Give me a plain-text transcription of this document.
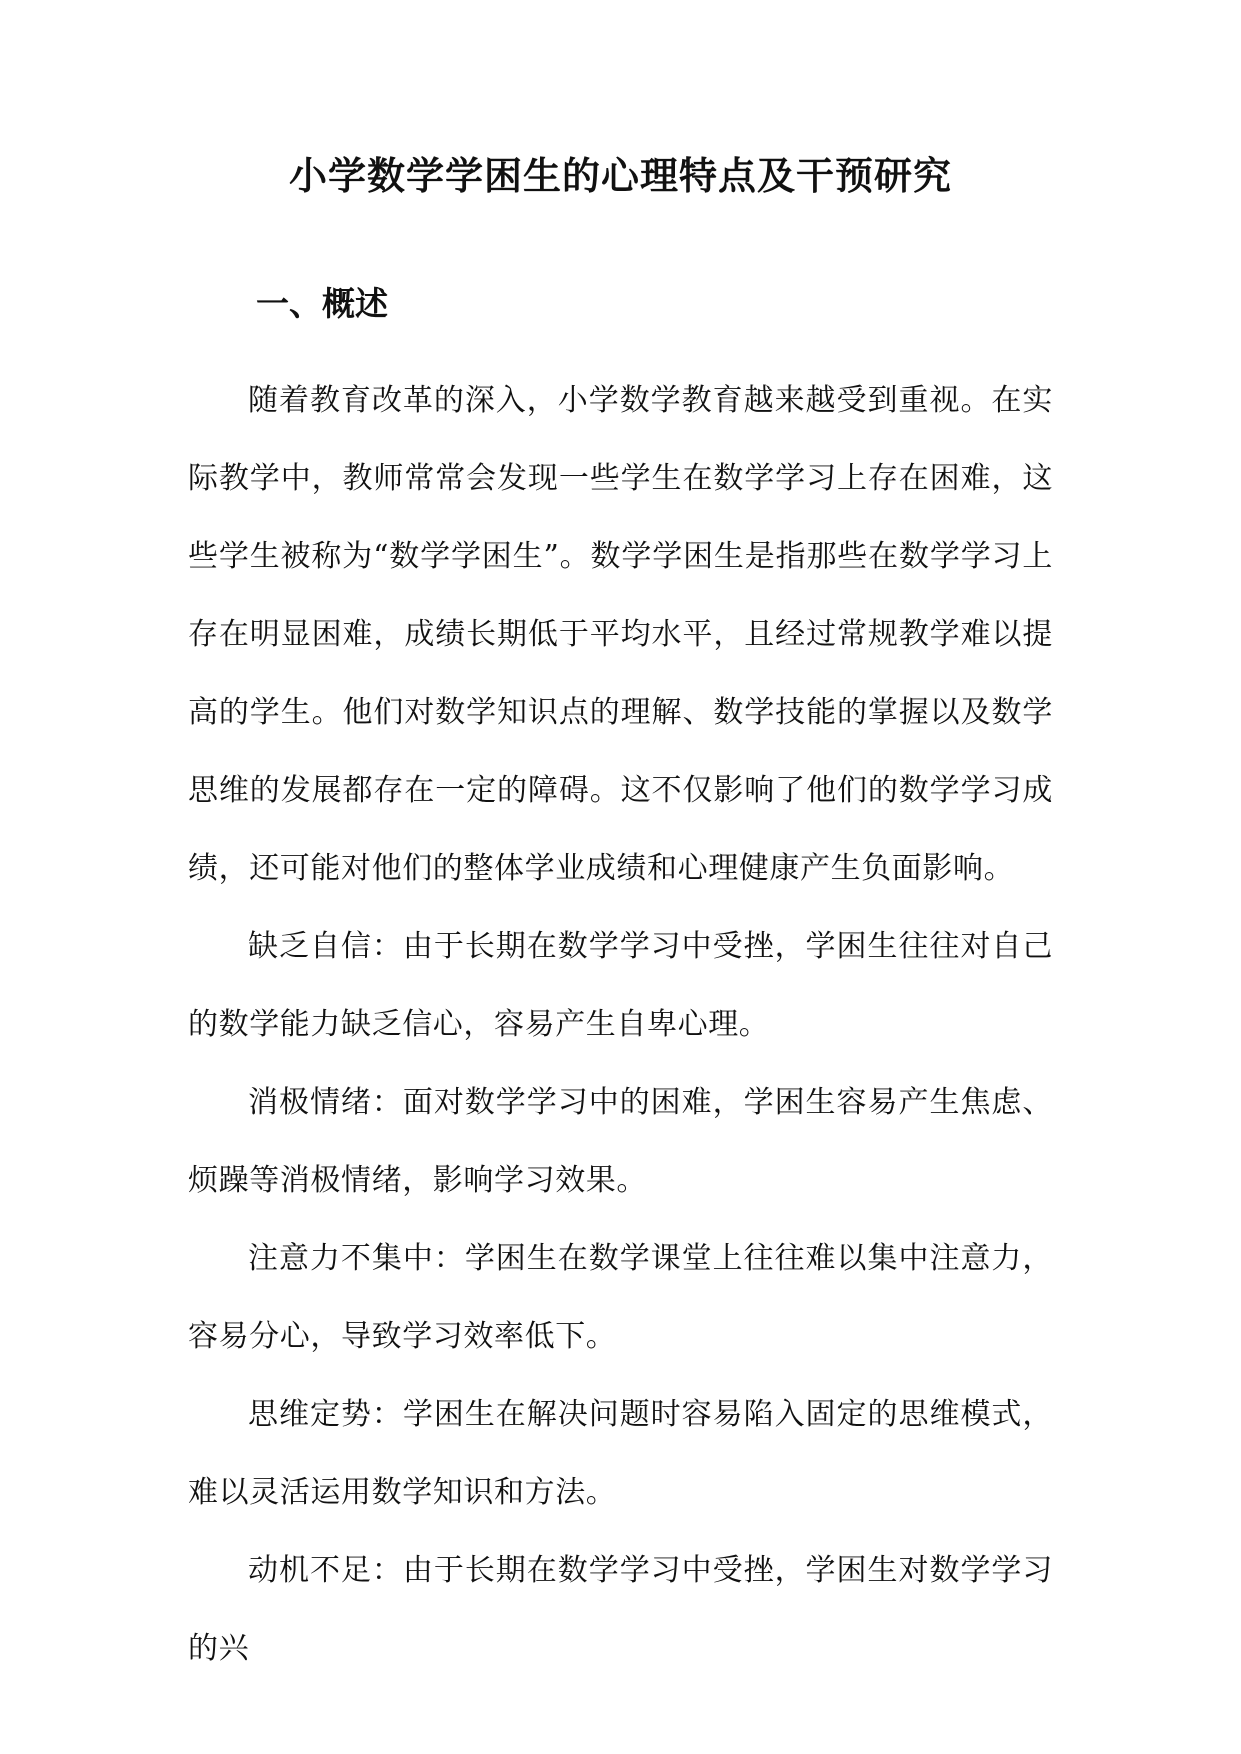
小学数学学困生的心理特点及干预研究
一、概述

随着教育改革的深入，小学数学教育越来越受到重视。在实际教学中，教师常常会发现一些学生在数学学习上存在困难，这些学生被称为“数学学困生”。数学学困生是指那些在数学学习上存在明显困难，成绩长期低于平均水平，且经过常规教学难以提高的学生。他们对数学知识点的理解、数学技能的掌握以及数学思维的发展都存在一定的障碍。这不仅影响了他们的数学学习成绩，还可能对他们的整体学业成绩和心理健康产生负面影响。

缺乏自信：由于长期在数学学习中受挫，学困生往往对自己的数学能力缺乏信心，容易产生自卑心理。

消极情绪：面对数学学习中的困难，学困生容易产生焦虑、烦躁等消极情绪，影响学习效果。

注意力不集中：学困生在数学课堂上往往难以集中注意力，容易分心，导致学习效率低下。

思维定势：学困生在解决问题时容易陷入固定的思维模式，难以灵活运用数学知识和方法。

动机不足：由于长期在数学学习中受挫，学困生对数学学习的兴
